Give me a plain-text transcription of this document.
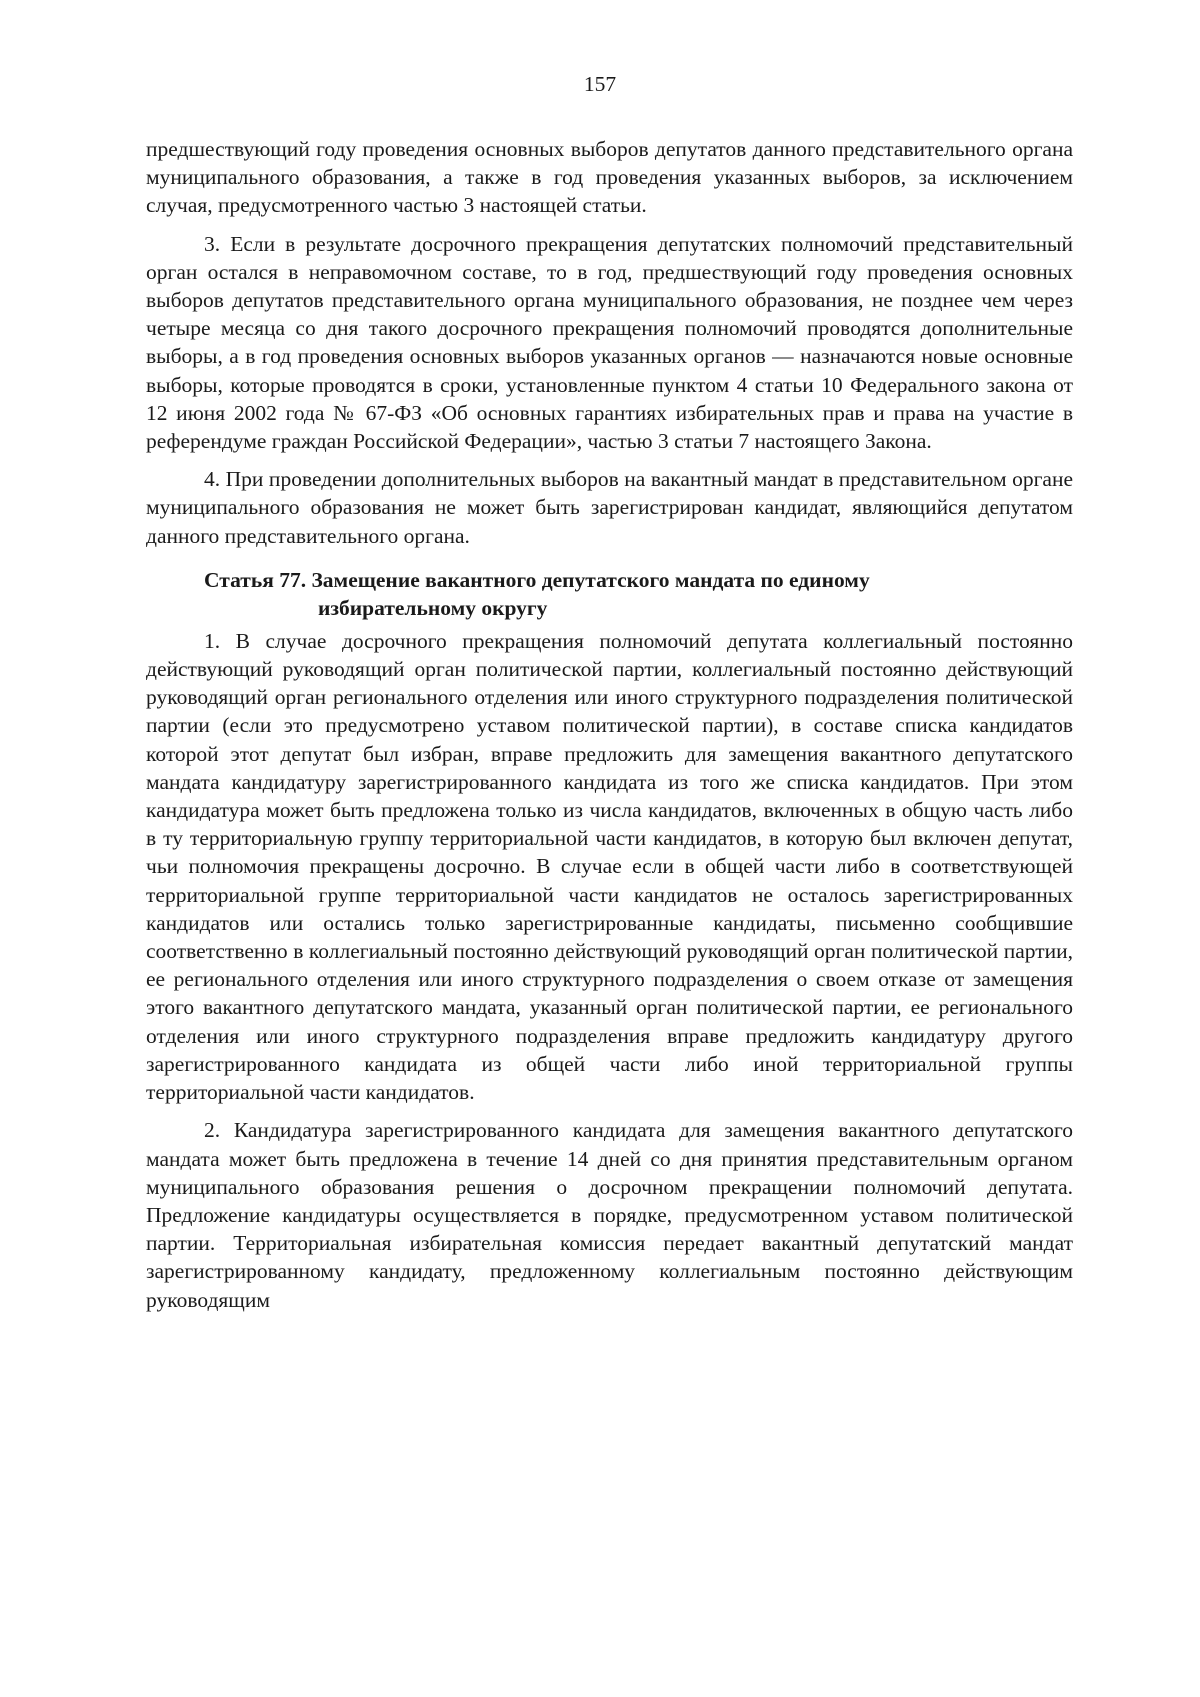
157

предшествующий году проведения основных выборов депутатов данного представительного органа муниципального образования, а также в год проведения указанных выборов, за исключением случая, предусмотренного частью 3 настоящей статьи.

3. Если в результате досрочного прекращения депутатских полномочий представительный орган остался в неправомочном составе, то в год, предшествующий году проведения основных выборов депутатов представительного органа муниципального образования, не позднее чем через четыре месяца со дня такого досрочного прекращения полномочий проводятся дополнительные выборы, а в год проведения основных выборов указанных органов — назначаются новые основные выборы, которые проводятся в сроки, установленные пунктом 4 статьи 10 Федерального закона от 12 июня 2002 года № 67-ФЗ «Об основных гарантиях избирательных прав и права на участие в референдуме граждан Российской Федерации», частью 3 статьи 7 настоящего Закона.

4. При проведении дополнительных выборов на вакантный мандат в представительном органе муниципального образования не может быть зарегистрирован кандидат, являющийся депутатом данного представительного органа.

Статья 77. Замещение вакантного депутатского мандата по единому
избирательному округу

1. В случае досрочного прекращения полномочий депутата коллегиальный постоянно действующий руководящий орган политической партии, коллегиальный постоянно действующий руководящий орган регионального отделения или иного структурного подразделения политической партии (если это предусмотрено уставом политической партии), в составе списка кандидатов которой этот депутат был избран, вправе предложить для замещения вакантного депутатского мандата кандидатуру зарегистрированного кандидата из того же списка кандидатов. При этом кандидатура может быть предложена только из числа кандидатов, включенных в общую часть либо в ту территориальную группу территориальной части кандидатов, в которую был включен депутат, чьи полномочия прекращены досрочно. В случае если в общей части либо в соответствующей территориальной группе территориальной части кандидатов не осталось зарегистрированных кандидатов или остались только зарегистрированные кандидаты, письменно сообщившие соответственно в коллегиальный постоянно действующий руководящий орган политической партии, ее регионального отделения или иного структурного подразделения о своем отказе от замещения этого вакантного депутатского мандата, указанный орган политической партии, ее регионального отделения или иного структурного подразделения вправе предложить кандидатуру другого зарегистрированного кандидата из общей части либо иной территориальной группы территориальной части кандидатов.

2. Кандидатура зарегистрированного кандидата для замещения вакантного депутатского мандата может быть предложена в течение 14 дней со дня принятия представительным органом муниципального образования решения о досрочном прекращении полномочий депутата. Предложение кандидатуры осуществляется в порядке, предусмотренном уставом политической партии. Территориальная избирательная комиссия передает вакантный депутатский мандат зарегистрированному кандидату, предложенному коллегиальным постоянно действующим руководящим
